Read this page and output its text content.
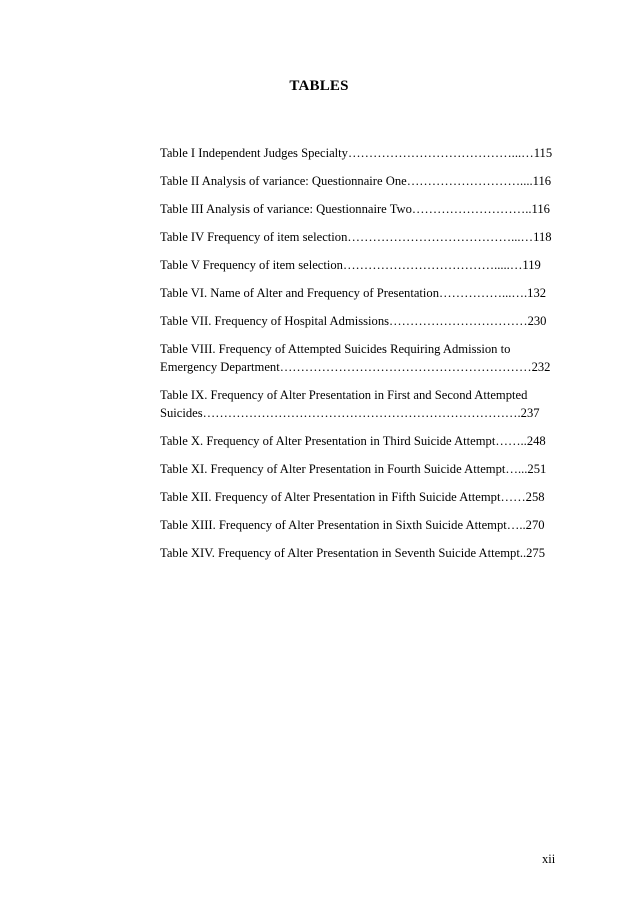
TABLES
Table I Independent Judges Specialty…………………………………...…115
Table II Analysis of variance: Questionnaire One………………………....116
Table III Analysis of variance: Questionnaire Two………………………..116
Table IV Frequency of item selection…………………………………...…118
Table V Frequency of item selection……………………………….....…119
Table VI. Name of Alter and Frequency of Presentation……………...….132
Table VII. Frequency of Hospital Admissions……………………………230
Table VIII. Frequency of Attempted Suicides Requiring Admission to
Emergency Department……………………………………………………232
Table IX. Frequency of Alter Presentation in First and Second Attempted
Suicides………………………………………………………………….237
Table X. Frequency of Alter Presentation in Third Suicide Attempt……..248
Table XI. Frequency of Alter Presentation in Fourth Suicide Attempt…...251
Table XII. Frequency of Alter Presentation in Fifth Suicide Attempt……258
Table XIII. Frequency of Alter Presentation in Sixth Suicide Attempt…..270
Table XIV. Frequency of Alter Presentation in Seventh Suicide Attempt..275
xii
